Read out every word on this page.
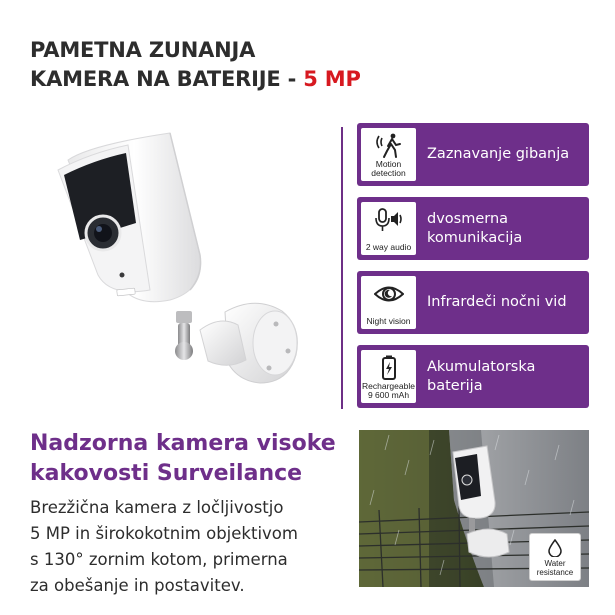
PAMETNA ZUNANJA
KAMERA NA BATERIJE - 5 MP
Motion detection
Zaznavanje gibanja
2 way audio
dvosmerna komunikacija
Night vision
Infrardeči nočni vid
Rechargeable 9 600 mAh
Akumulatorska baterija
Nadzorna kamera visoke
kakovosti Surveilance
Brezžična kamera z ločljivostjo
5 MP in širokokotnim objektivom
s 130° zornim kotom, primerna
za obešanje in postavitev.
Water
resistance
